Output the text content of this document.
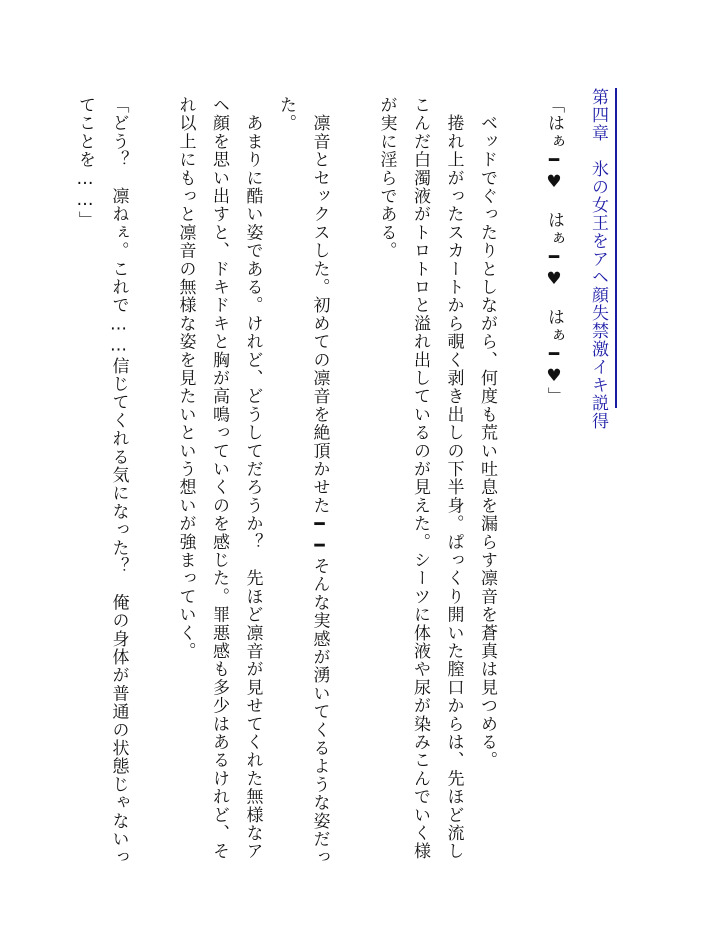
第四章　氷の女王をアヘ顔失禁激イキ説得

「はぁ━♥　はぁ━♥　はぁ━♥」

　ベッドでぐったりとしながら、何度も荒い吐息を漏らす凛音を蒼真は見つめる。

　捲れ上がったスカートから覗く剥き出しの下半身。ぱっくり開いた膣口からは、先ほど流しこんだ白濁液がトロトロと溢れ出しているのが見えた。シーツに体液や尿が染みこんでいく様が実に淫らである。

　凛音とセックスした。初めての凛音を絶頂かせた━━そんな実感が湧いてくるような姿だった。

　あまりに酷い姿である。けれど、どうしてだろうか？　先ほど凛音が見せてくれた無様なアヘ顔を思い出すと、ドキドキと胸が高鳴っていくのを感じた。罪悪感も多少はあるけれど、それ以上にもっと凛音の無様な姿を見たいという想いが強まっていく。

「どう？　凛ねぇ。これで……信じてくれる気になった？　俺の身体が普通の状態じゃないってことを……」
